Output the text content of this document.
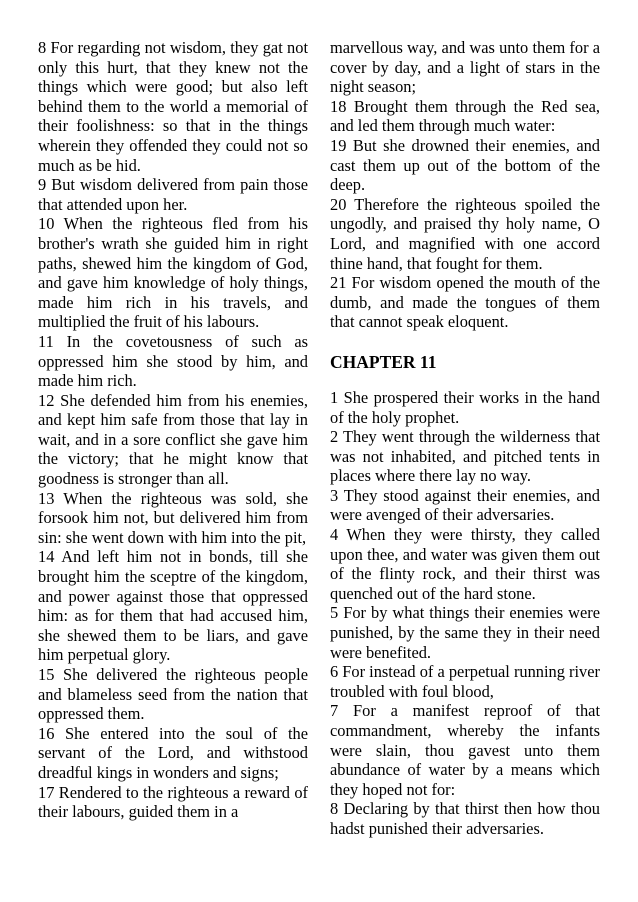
8 For regarding not wisdom, they gat not only this hurt, that they knew not the things which were good; but also left behind them to the world a memorial of their foolishness: so that in the things wherein they offended they could not so much as be hid.

9 But wisdom delivered from pain those that attended upon her.

10 When the righteous fled from his brother's wrath she guided him in right paths, shewed him the kingdom of God, and gave him knowledge of holy things, made him rich in his travels, and multiplied the fruit of his labours.

11 In the covetousness of such as oppressed him she stood by him, and made him rich.

12 She defended him from his enemies, and kept him safe from those that lay in wait, and in a sore conflict she gave him the victory; that he might know that goodness is stronger than all.

13 When the righteous was sold, she forsook him not, but delivered him from sin: she went down with him into the pit,

14 And left him not in bonds, till she brought him the sceptre of the kingdom, and power against those that oppressed him: as for them that had accused him, she shewed them to be liars, and gave him perpetual glory.

15 She delivered the righteous people and blameless seed from the nation that oppressed them.

16 She entered into the soul of the servant of the Lord, and withstood dreadful kings in wonders and signs;

17 Rendered to the righteous a reward of their labours, guided them in a

marvellous way, and was unto them for a cover by day, and a light of stars in the night season;

18 Brought them through the Red sea, and led them through much water:

19 But she drowned their enemies, and cast them up out of the bottom of the deep.

20 Therefore the righteous spoiled the ungodly, and praised thy holy name, O Lord, and magnified with one accord thine hand, that fought for them.

21 For wisdom opened the mouth of the dumb, and made the tongues of them that cannot speak eloquent.

CHAPTER 11

1 She prospered their works in the hand of the holy prophet.

2 They went through the wilderness that was not inhabited, and pitched tents in places where there lay no way.

3 They stood against their enemies, and were avenged of their adversaries.

4 When they were thirsty, they called upon thee, and water was given them out of the flinty rock, and their thirst was quenched out of the hard stone.

5 For by what things their enemies were punished, by the same they in their need were benefited.

6 For instead of a perpetual running river troubled with foul blood,

7 For a manifest reproof of that commandment, whereby the infants were slain, thou gavest unto them abundance of water by a means which they hoped not for:

8 Declaring by that thirst then how thou hadst punished their adversaries.
